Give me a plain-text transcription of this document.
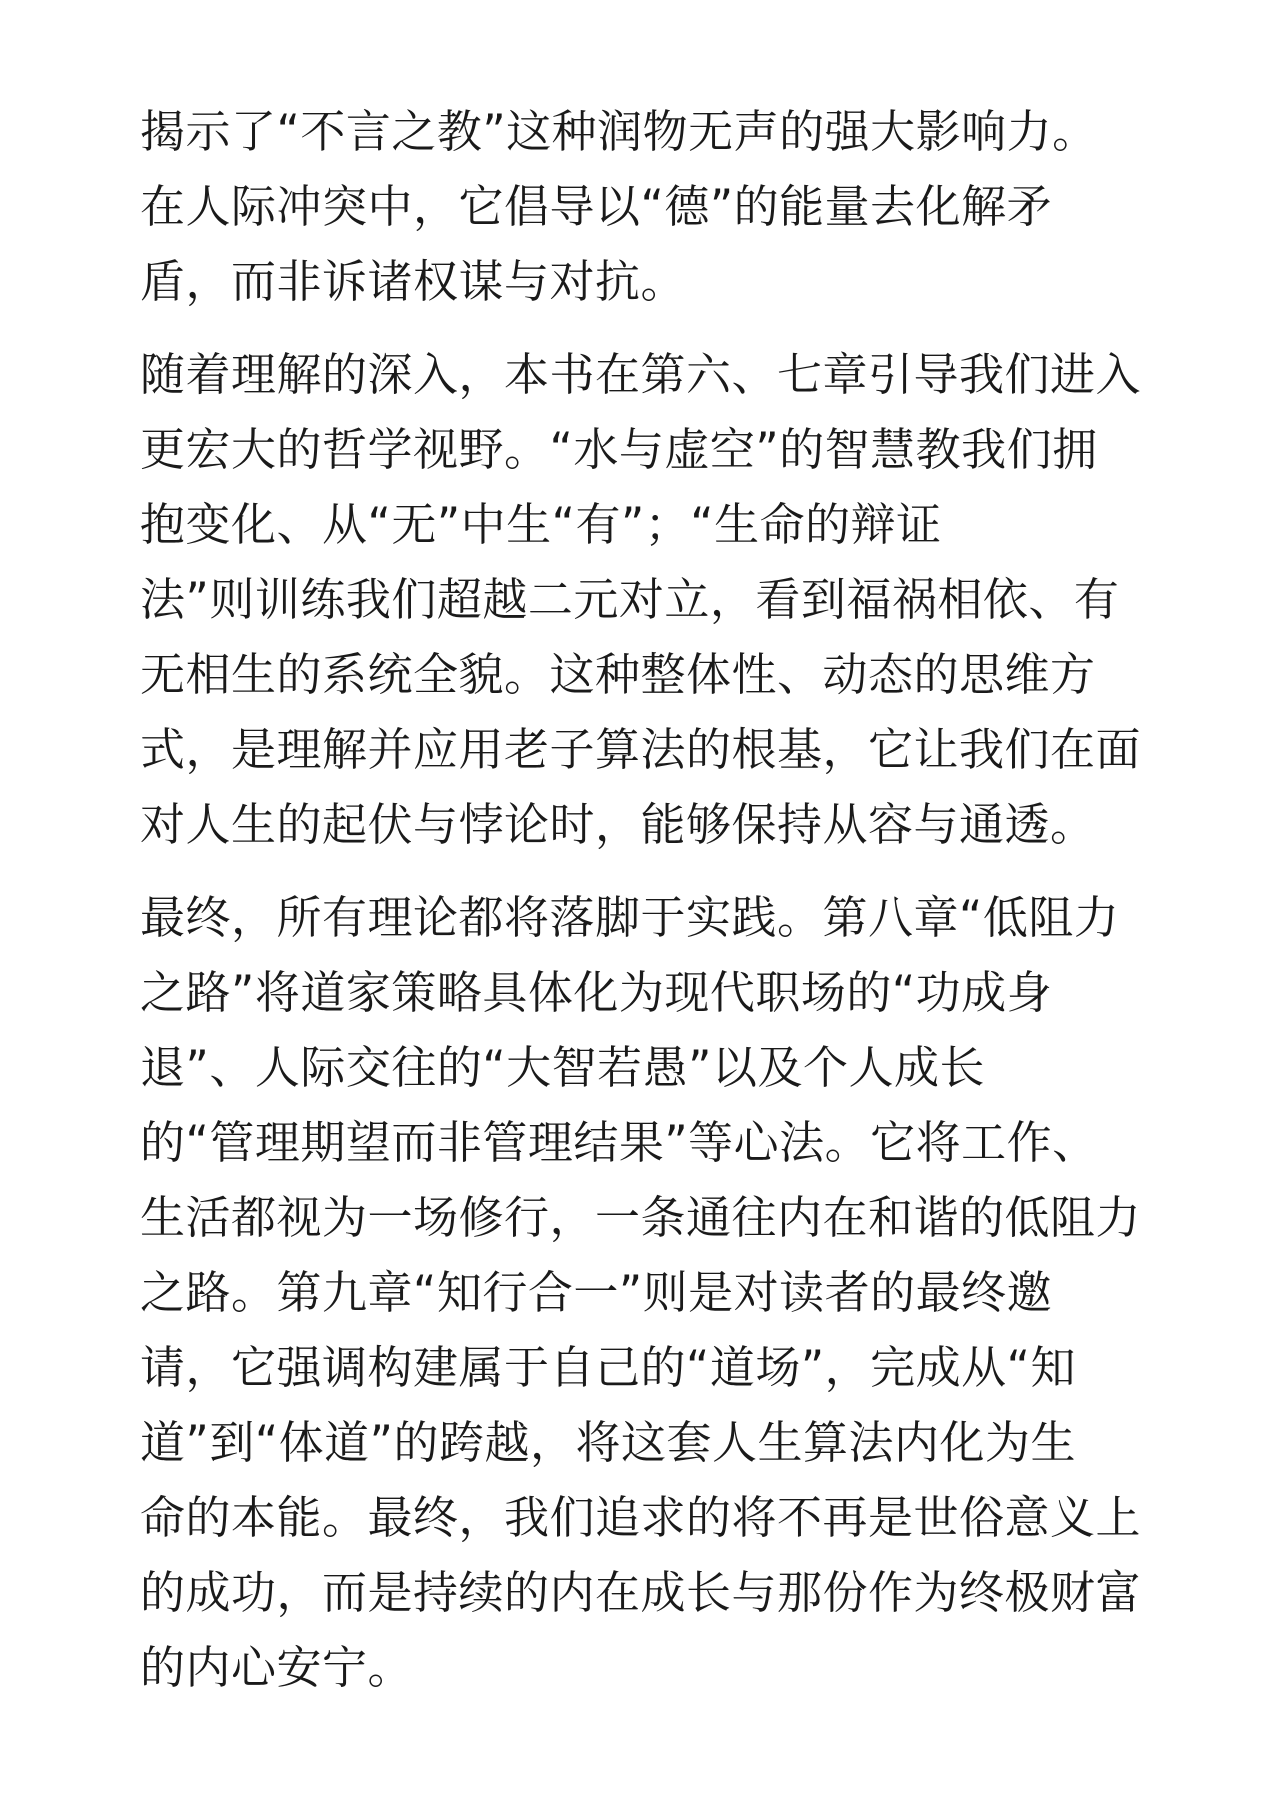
揭示了“不言之教”这种润物无声的强大影响力。
在人际冲突中，它倡导以“德”的能量去化解矛
盾，而非诉诸权谋与对抗。
随着理解的深入，本书在第六、七章引导我们进入
更宏大的哲学视野。“水与虚空”的智慧教我们拥
抱变化、从“无”中生“有”；“生命的辩证
法”则训练我们超越二元对立，看到福祸相依、有
无相生的系统全貌。这种整体性、动态的思维方
式，是理解并应用老子算法的根基，它让我们在面
对人生的起伏与悖论时，能够保持从容与通透。
最终，所有理论都将落脚于实践。第八章“低阻力
之路”将道家策略具体化为现代职场的“功成身
退”、人际交往的“大智若愚”以及个人成长
的“管理期望而非管理结果”等心法。它将工作、
生活都视为一场修行，一条通往内在和谐的低阻力
之路。第九章“知行合一”则是对读者的最终邀
请，它强调构建属于自己的“道场”，完成从“知
道”到“体道”的跨越，将这套人生算法内化为生
命的本能。最终，我们追求的将不再是世俗意义上
的成功，而是持续的内在成长与那份作为终极财富
的内心安宁。
